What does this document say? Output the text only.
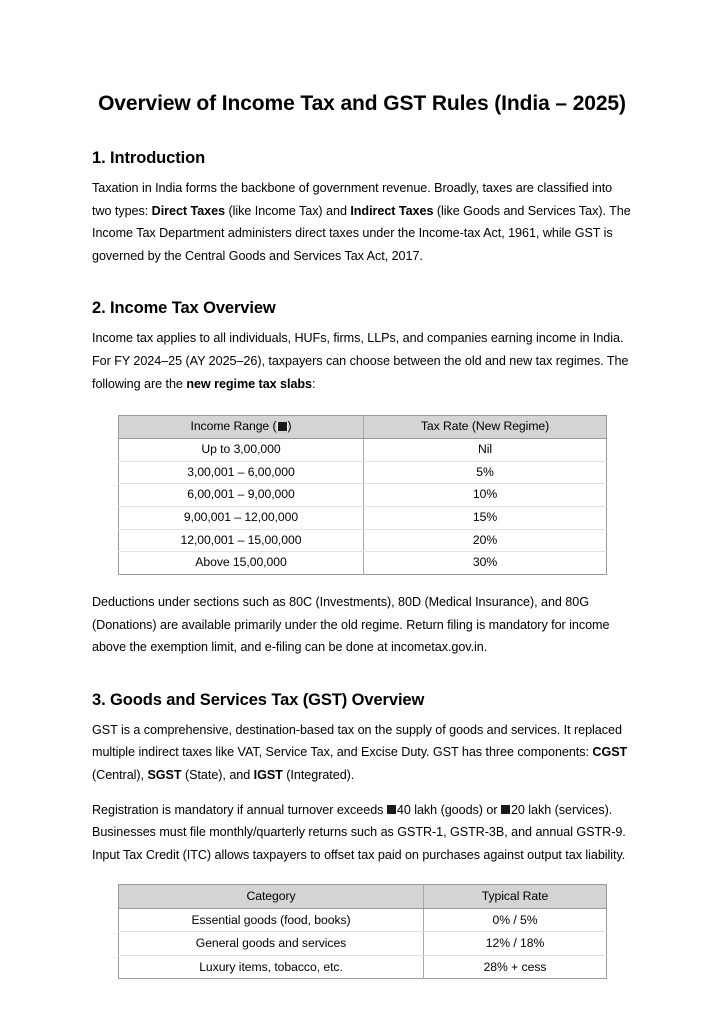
Overview of Income Tax and GST Rules (India – 2025)
1. Introduction

Taxation in India forms the backbone of government revenue. Broadly, taxes are classified into two types: Direct Taxes (like Income Tax) and Indirect Taxes (like Goods and Services Tax). The Income Tax Department administers direct taxes under the Income-tax Act, 1961, while GST is governed by the Central Goods and Services Tax Act, 2017.

2. Income Tax Overview

Income tax applies to all individuals, HUFs, firms, LLPs, and companies earning income in India. For FY 2024–25 (AY 2025–26), taxpayers can choose between the old and new tax regimes. The following are the new regime tax slabs:

Income Range ( )	Tax Rate (New Regime)
Up to 3,00,000	Nil
3,00,001 – 6,00,000	5%
6,00,001 – 9,00,000	10%
9,00,001 – 12,00,000	15%
12,00,001 – 15,00,000	20%
Above 15,00,000	30%

Deductions under sections such as 80C (Investments), 80D (Medical Insurance), and 80G (Donations) are available primarily under the old regime. Return filing is mandatory for income above the exemption limit, and e-filing can be done at incometax.gov.in.

3. Goods and Services Tax (GST) Overview

GST is a comprehensive, destination-based tax on the supply of goods and services. It replaced multiple indirect taxes like VAT, Service Tax, and Excise Duty. GST has three components: CGST (Central), SGST (State), and IGST (Integrated).

Registration is mandatory if annual turnover exceeds 40 lakh (goods) or 20 lakh (services). Businesses must file monthly/quarterly returns such as GSTR-1, GSTR-3B, and annual GSTR-9. Input Tax Credit (ITC) allows taxpayers to offset tax paid on purchases against output tax liability.

Category	Typical Rate
Essential goods (food, books)	0% / 5%
General goods and services	12% / 18%
Luxury items, tobacco, etc.	28% + cess
